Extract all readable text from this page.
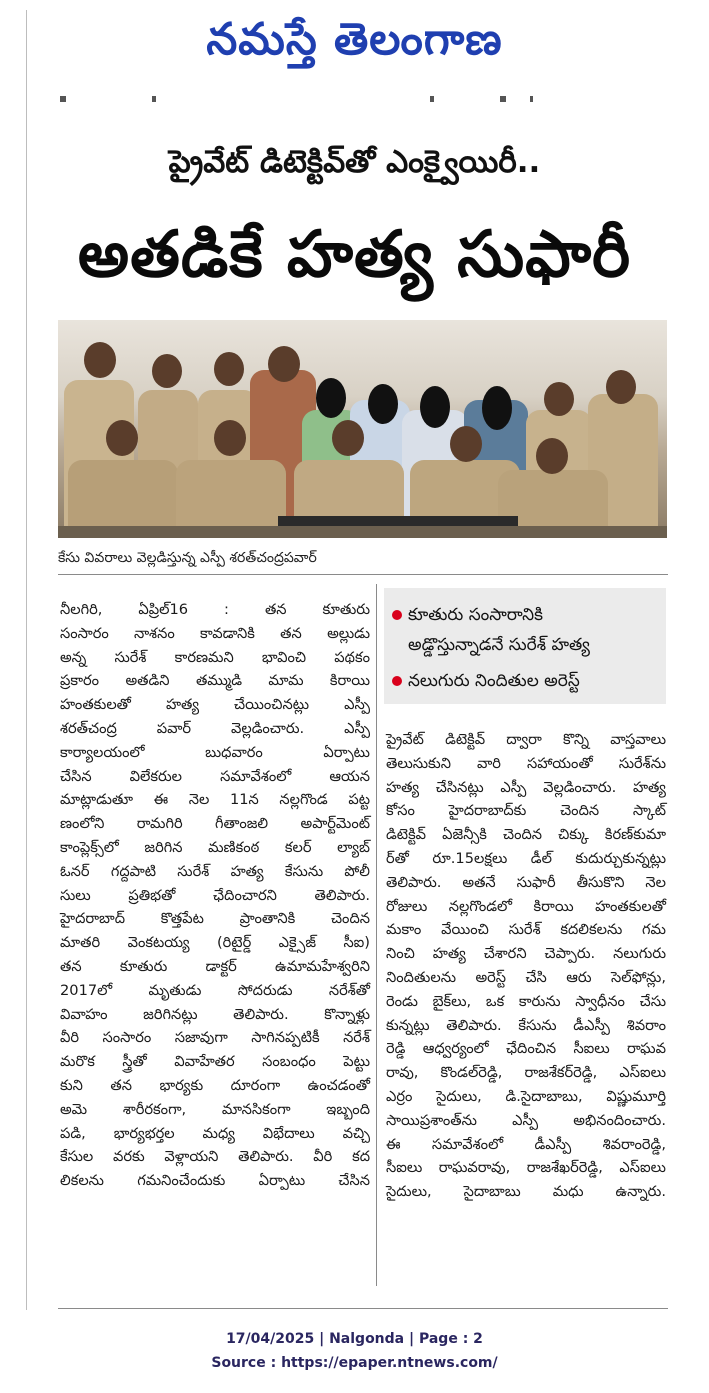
నమస్తే తెలంగాణ
ప్రైవేట్ డిటెక్టివ్‌తో ఎంక్వైయిరీ..
అతడికే హత్య సుఫారీ
కేసు వివరాలు వెల్లడిస్తున్న ఎస్పీ శరత్‌చంద్రపవార్

నీలగిరి, ఏప్రిల్16 : తన కూతురు

సంసారం నాశనం కావడానికి తన అల్లుడు

అన్న సురేశ్ కారణమని భావించి పథకం

ప్రకారం అతడిని తమ్ముడి మామ కిరాయి

హంతకులతో హత్య చేయించినట్లు ఎస్పీ

శరత్‌చంద్ర పవార్ వెల్లడించారు. ఎస్పీ

కార్యాలయంలో బుధవారం ఏర్పాటు

చేసిన విలేకరుల సమావేశంలో ఆయన

మాట్లాడుతూ ఈ నెల 11న నల్లగొండ పట్ట

ణంలోని రామగిరి గీతాంజలి అపార్ట్‌మెంట్

కాంప్లెక్స్‌లో జరిగిన మణికంఠ కలర్ ల్యాబ్

ఓనర్ గద్దపాటి సురేశ్ హత్య కేసును పోలీ

సులు ప్రతిభతో ఛేదించారని తెలిపారు.

హైదరాబాద్ కొత్తపేట ప్రాంతానికి చెందిన

మాతరి వెంకటయ్య (రిటైర్డ్ ఎక్సైజ్ సీఐ)

తన కూతురు డాక్టర్ ఉమామహేశ్వరిని

2017లో మృతుడు సోదరుడు నరేశ్‌తో

వివాహం జరిగినట్లు తెలిపారు. కొన్నాళ్లు

వీరి సంసారం సజావుగా సాగినప్పటికీ నరేశ్

మరొక స్త్రీతో వివాహేతర సంబంధం పెట్టు

కుని తన భార్యకు దూరంగా ఉంచడంతో

అమె శారీరకంగా, మానసికంగా ఇబ్బంది

పడి, భార్యభర్తల మధ్య విభేదాలు వచ్చి

కేసుల వరకు వెళ్లాయని తెలిపారు. వీరి కద

లికలను గమనించేందుకు ఏర్పాటు చేసిన

కూతురు సంసారానికి
అడ్డొస్తున్నాడనే సురేశ్ హత్య
నలుగురు నిందితుల అరెస్ట్

ప్రైవేట్ డిటెక్టివ్ ద్వారా కొన్ని వాస్తవాలు

తెలుసుకుని వారి సహాయంతో సురేశ్‌ను

హత్య చేసినట్లు ఎస్పీ వెల్లడించారు. హత్య

కోసం హైదరాబాద్‌కు చెందిన స్కాట్

డిటెక్టివ్ ఏజెన్సీకి చెందిన చిక్కు కిరణ్‌కుమా

ర్‌తో రూ.15లక్షలు డీల్ కుదుర్చుకున్నట్లు

తెలిపారు. అతనే సుఫారీ తీసుకొని నెల

రోజులు నల్లగొండలో కిరాయి హంతకులతో

మకాం వేయించి సురేశ్ కదలికలను గమ

నించి హత్య చేశారని చెప్పారు. నలుగురు

నిందితులను అరెస్ట్ చేసి ఆరు సెల్‌ఫోన్లు,

రెండు బైక్‌లు, ఒక కారును స్వాధీనం చేసు

కున్నట్లు తెలిపారు. కేసును డీఎస్పీ శివరాం

రెడ్డి ఆధ్వర్యంలో ఛేదించిన సీఐలు రాఘవ

రావు, కొండల్‌రెడ్డి, రాజశేకర్‌రెడ్డి, ఎస్‌ఐలు

ఎర్రం సైదులు, డి.సైదాబాబు, విష్ణుమూర్తి

సాయిప్రశాంత్‌ను ఎస్పీ అభినందించారు.

ఈ సమావేశంలో డీఎస్పీ శివరాంరెడ్డి,

సీఐలు రాఘవరావు, రాజశేఖర్‌రెడ్డి, ఎస్‌ఐలు

సైదులు, సైదాబాబు మధు ఉన్నారు.

17/04/2025 | Nalgonda | Page : 2
Source : https://epaper.ntnews.com/
